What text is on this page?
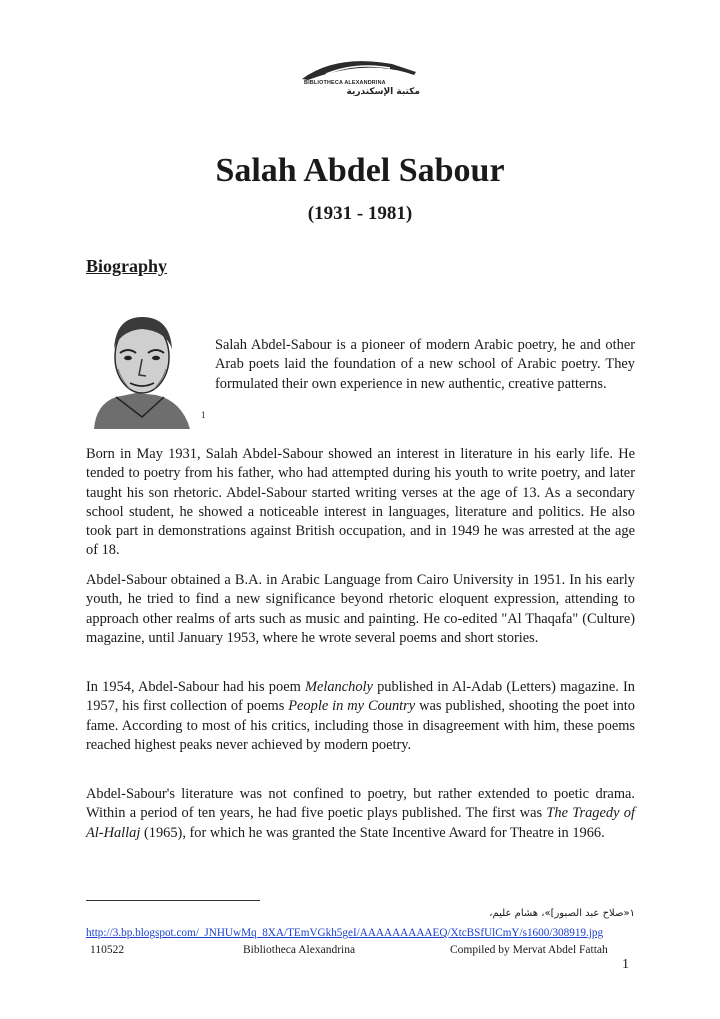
BIBLIOTHECA ALEXANDRINA
مكتبة الإسكندرية
Salah Abdel Sabour
(1931 - 1981)
Biography
1
Salah Abdel-Sabour is a pioneer of modern Arabic poetry, he and other Arab poets laid the foundation of a new school of Arabic poetry. They formulated their own experience in new authentic, creative patterns.

Born in May 1931, Salah Abdel-Sabour showed an interest in literature in his early life. He tended to poetry from his father, who had attempted during his youth to write poetry, and later taught his son rhetoric. Abdel-Sabour started writing verses at the age of 13. As a secondary school student, he showed a noticeable interest in languages, literature and politics. He also took part in demonstrations against British occupation, and in 1949 he was arrested at the age of 18.

Abdel-Sabour obtained a B.A. in Arabic Language from Cairo University in 1951. In his early youth, he tried to find a new significance beyond rhetoric eloquent expression, attending to approach other realms of arts such as music and painting. He co-edited "Al Thaqafa" (Culture) magazine, until January 1953, where he wrote several poems and short stories.

In 1954, Abdel-Sabour had his poem Melancholy published in Al-Adab (Letters) magazine. In 1957, his first collection of poems People in my Country was published, shooting the poet into fame. According to most of his critics, including those in disagreement with him, these poems reached highest peaks never achieved by modern poetry.

Abdel-Sabour's literature was not confined to poetry, but rather extended to poetic drama. Within a period of ten years, he had five poetic plays published. The first was The Tragedy of Al-Hallaj (1965), for which he was granted the State Incentive Award for Theatre in 1966.

١«صلاح عبد الصبور]»، هشام عليم،
http://3.bp.blogspot.com/_JNHUwMq_8XA/TEmVGkh5geI/AAAAAAAAAEQ/XtcBSfUlCmY/s1600/308919.jpg
110522	Bibliotheca Alexandrina	Compiled by Mervat Abdel Fattah
1
